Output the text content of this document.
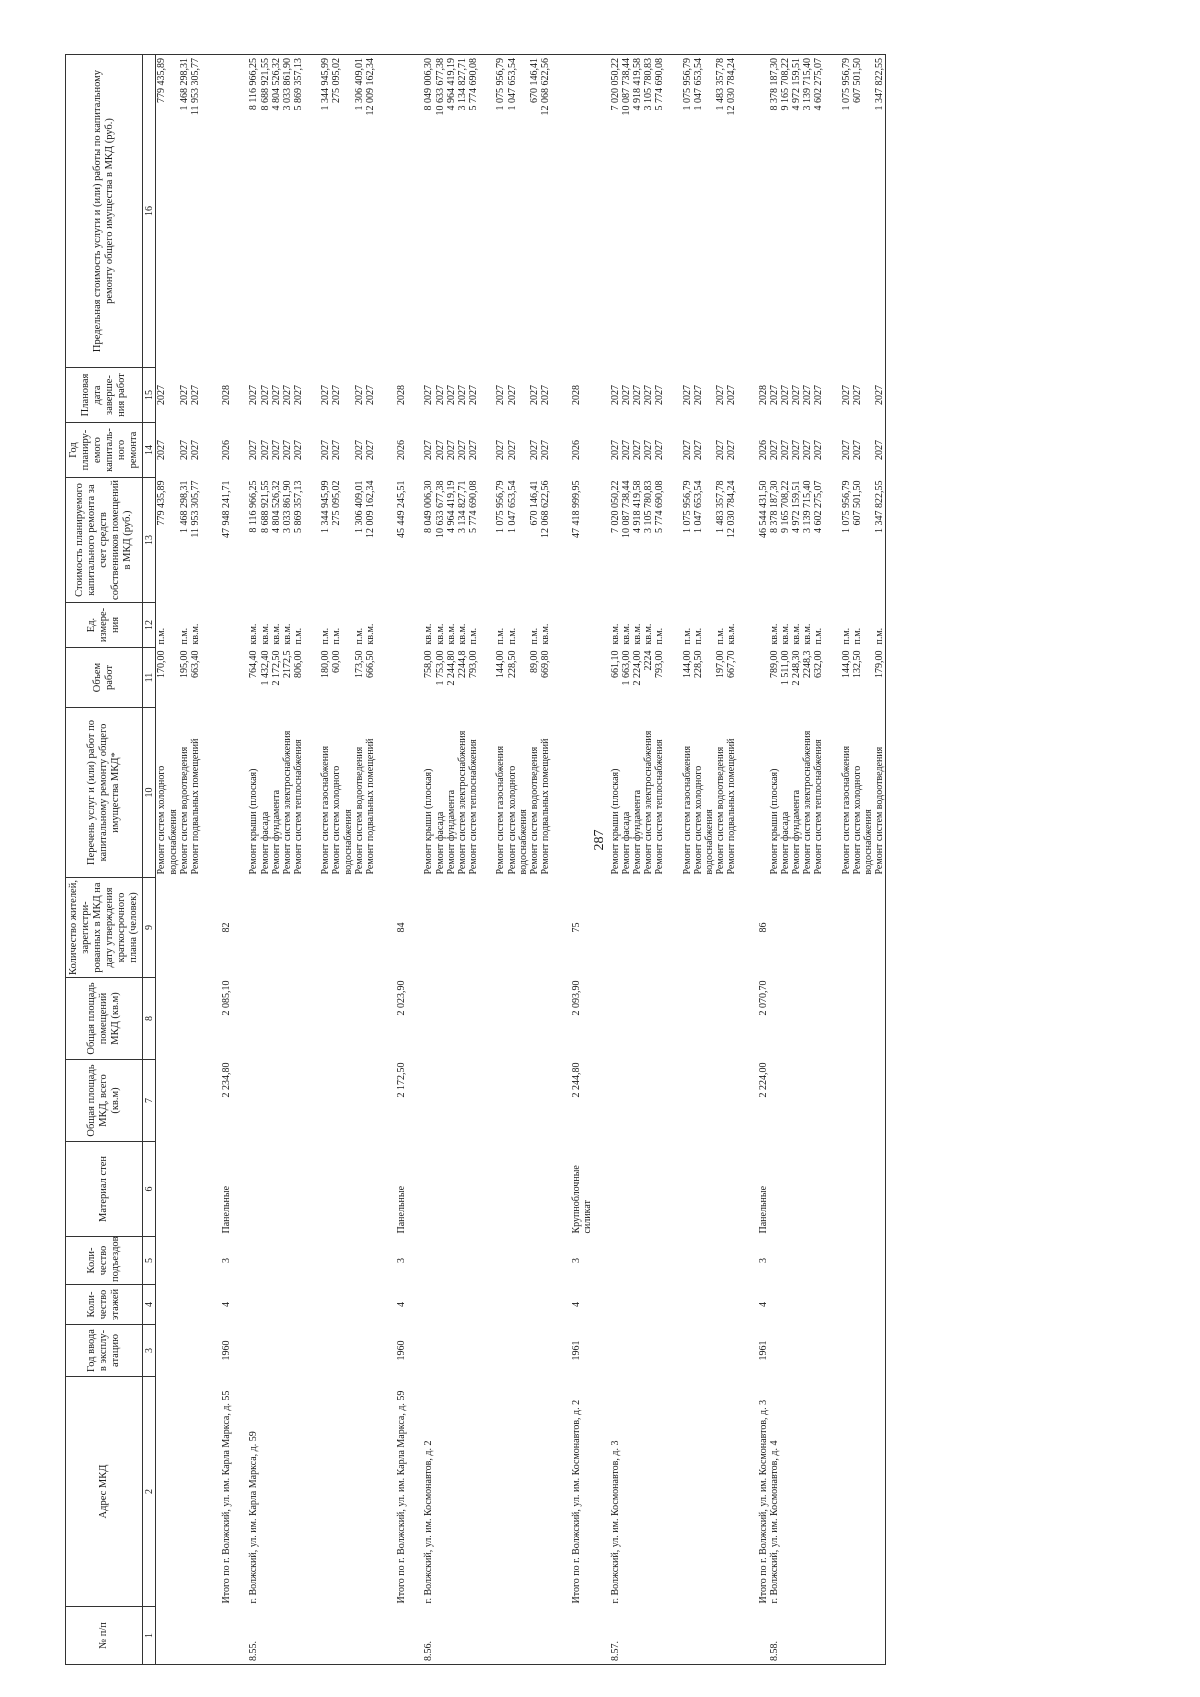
287
№ п/п	Адрес МКД	Год ввода в эксплу-атацию	Коли-чество этажей	Коли-чество подъездов	Материал стен	Общая площадь МКД, всего (кв.м)	Общая площадь помещений МКД (кв.м)	Количество жителей, зарегистри-рованных в МКД на дату утверждения краткосрочного плана (человек)	Перечень услуг и (или) работ по капитальному ремонту общего имущества МКД*	Объем работ	Ед. измере-ния	Стоимость планируемого капитального ремонта за счет средств собственников помещений в МКД (руб.)	Год планиру-емого капиталь-ного ремонта	Плановая дата заверше-ния работ	Предельная стоимость услуги и (или) работы по капитальному ремонту общего имущества в МКД (руб.)
1	2	3	4	5	6	7	8	9	10	11	12	13	14	15	16
									Ремонт систем холодного водоснабжения	170,00	п.м.	779 435,89	2027	2027	779 435,89
									Ремонт систем водоотведения	195,00	п.м.	1 468 298,31	2027	2027	1 468 298,31
									Ремонт подвальных помещений	663,40	кв.м.	11 953 305,77	2027	2027	11 953 305,77

	Итого по г. Волжский, ул. им. Карла Маркса, д. 55	1960	4	3	Панельные	2 234,80	2 085,10	82				47 948 241,71	2026	2028	

8.55.	г. Волжский, ул. им. Карла Маркса, д. 59								Ремонт крыши (плоская)	764,40	кв.м.	8 116 966,25	2027	2027	8 116 966,25
									Ремонт фасада	1 432,40	кв.м.	8 688 921,55	2027	2027	8 688 921,55
									Ремонт фундамента	2 172,50	кв.м.	4 804 526,32	2027	2027	4 804 526,32
									Ремонт систем электроснабжения	2172,5	кв.м.	3 033 861,90	2027	2027	3 033 861,90
									Ремонт систем теплоснабжения	806,00	п.м.	5 869 357,13	2027	2027	5 869 357,13

									Ремонт систем газоснабжения	180,00	п.м.	1 344 945,99	2027	2027	1 344 945,99
									Ремонт систем холодного водоснабжения	60,00	п.м.	275 095,02	2027	2027	275 095,02
									Ремонт систем водоотведения	173,50	п.м.	1 306 409,01	2027	2027	1 306 409,01
									Ремонт подвальных помещений	666,50	кв.м.	12 009 162,34	2027	2027	12 009 162,34

	Итого по г. Волжский, ул. им. Карла Маркса, д. 59	1960	4	3	Панельные	2 172,50	2 023,90	84				45 449 245,51	2026	2028	

8.56.	г. Волжский, ул. им. Космонавтов, д. 2								Ремонт крыши (плоская)	758,00	кв.м.	8 049 006,30	2027	2027	8 049 006,30
									Ремонт фасада	1 753,00	кв.м.	10 633 677,38	2027	2027	10 633 677,38
									Ремонт фундамента	2 244,80	кв.м.	4 964 419,19	2027	2027	4 964 419,19
									Ремонт систем электроснабжения	2244,8	кв.м.	3 134 827,71	2027	2027	3 134 827,71
									Ремонт систем теплоснабжения	793,00	п.м.	5 774 690,08	2027	2027	5 774 690,08

									Ремонт систем газоснабжения	144,00	п.м.	1 075 956,79	2027	2027	1 075 956,79
									Ремонт систем холодного водоснабжения	228,50	п.м.	1 047 653,54	2027	2027	1 047 653,54
									Ремонт систем водоотведения	89,00	п.м.	670 146,41	2027	2027	670 146,41
									Ремонт подвальных помещений	669,80	кв.м.	12 068 622,56	2027	2027	12 068 622,56

	Итого по г. Волжский, ул. им. Космонавтов, д. 2	1961	4	3	Крупноблочные силикат	2 244,80	2 093,90	75				47 418 999,95	2026	2028	

8.57.	г. Волжский, ул. им. Космонавтов, д. 3								Ремонт крыши (плоская)	661,10	кв.м.	7 020 050,22	2027	2027	7 020 050,22
									Ремонт фасада	1 663,00	кв.м.	10 087 738,44	2027	2027	10 087 738,44
									Ремонт фундамента	2 224,00	кв.м.	4 918 419,58	2027	2027	4 918 419,58
									Ремонт систем электроснабжения	2224	кв.м.	3 105 780,83	2027	2027	3 105 780,83
									Ремонт систем теплоснабжения	793,00	п.м.	5 774 690,08	2027	2027	5 774 690,08

									Ремонт систем газоснабжения	144,00	п.м.	1 075 956,79	2027	2027	1 075 956,79
									Ремонт систем холодного водоснабжения	228,50	п.м.	1 047 653,54	2027	2027	1 047 653,54
									Ремонт систем водоотведения	197,00	п.м.	1 483 357,78	2027	2027	1 483 357,78
									Ремонт подвальных помещений	667,70	кв.м.	12 030 784,24	2027	2027	12 030 784,24

	Итого по г. Волжский, ул. им. Космонавтов, д. 3	1961	4	3	Панельные	2 224,00	2 070,70	86				46 544 431,50	2026	2028	
8.58.	г. Волжский, ул. им. Космонавтов, д. 4								Ремонт крыши (плоская)	789,00	кв.м.	8 378 187,30	2027	2027	8 378 187,30
									Ремонт фасада	1 511,00	кв.м.	9 165 708,22	2027	2027	9 165 708,22
									Ремонт фундамента	2 248,30	кв.м.	4 972 159,51	2027	2027	4 972 159,51
									Ремонт систем электроснабжения	2248,3	кв.м.	3 139 715,40	2027	2027	3 139 715,40
									Ремонт систем теплоснабжения	632,00	п.м.	4 602 275,07	2027	2027	4 602 275,07

									Ремонт систем газоснабжения	144,00	п.м.	1 075 956,79	2027	2027	1 075 956,79
									Ремонт систем холодного водоснабжения	132,50	п.м.	607 501,50	2027	2027	607 501,50
									Ремонт систем водоотведения	179,00	п.м.	1 347 822,55	2027	2027	1 347 822,55
